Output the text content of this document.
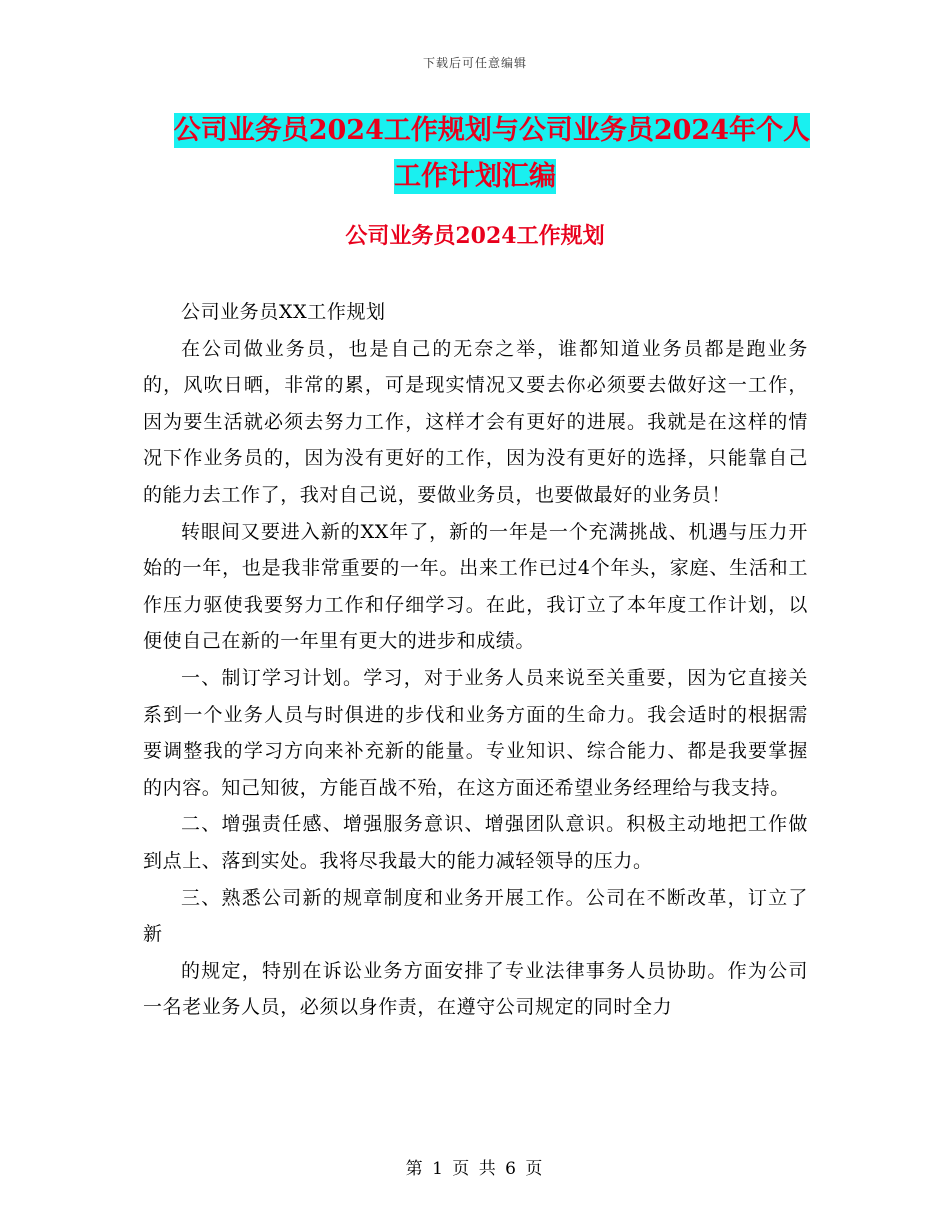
下载后可任意编辑
公司业务员2024工作规划与公司业务员2024年个人
工作计划汇编
公司业务员2024工作规划

公司业务员XX工作规划

在公司做业务员，也是自己的无奈之举，谁都知道业务员都是跑业务的，风吹日晒，非常的累，可是现实情况又要去你必须要去做好这一工作，因为要生活就必须去努力工作，这样才会有更好的进展。我就是在这样的情况下作业务员的，因为没有更好的工作，因为没有更好的选择，只能靠自己的能力去工作了，我对自己说，要做业务员，也要做最好的业务员！

转眼间又要进入新的XX年了，新的一年是一个充满挑战、机遇与压力开始的一年，也是我非常重要的一年。出来工作已过4个年头，家庭、生活和工作压力驱使我要努力工作和仔细学习。在此，我订立了本年度工作计划，以便使自己在新的一年里有更大的进步和成绩。

一、制订学习计划。学习，对于业务人员来说至关重要，因为它直接关系到一个业务人员与时俱进的步伐和业务方面的生命力。我会适时的根据需要调整我的学习方向来补充新的能量。专业知识、综合能力、都是我要掌握的内容。知己知彼，方能百战不殆，在这方面还希望业务经理给与我支持。

二、增强责任感、增强服务意识、增强团队意识。积极主动地把工作做到点上、落到实处。我将尽我最大的能力减轻领导的压力。

三、熟悉公司新的规章制度和业务开展工作。公司在不断改革，订立了新

的规定，特别在诉讼业务方面安排了专业法律事务人员协助。作为公司一名老业务人员，必须以身作责，在遵守公司规定的同时全力

第 1 页 共 6 页
